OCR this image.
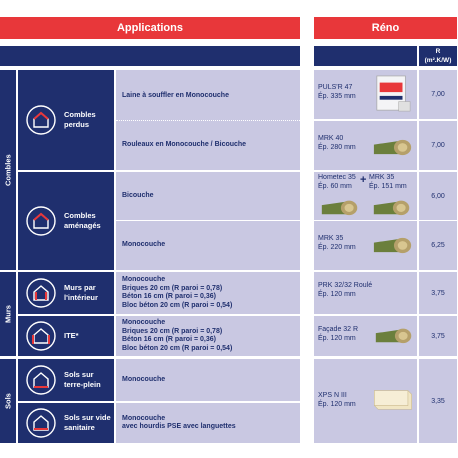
Applications	Réno
R
(m².K/W)
Combles
Murs
Sols
Combles
perdus
Combles
aménagés
Murs par
l'intérieur
ITE*
Sols sur
terre-plein
Sols sur vide
sanitaire
Laine à souffler en Monocouche
Rouleaux en Monocouche / Bicouche
Bicouche
Monocouche
Monocouche
Briques 20 cm (R paroi = 0,78)
Béton 16 cm (R paroi = 0,36)
Bloc béton 20 cm (R paroi = 0,54)
Monocouche
Briques 20 cm (R paroi = 0,78)
Béton 16 cm (R paroi = 0,36)
Bloc béton 20 cm (R paroi = 0,54)
Monocouche
Monocouche
avec hourdis PSE avec languettes
PULS'R 47
Ép. 335 mm
MRK 40
Ép. 280 mm
Hometec 35
Ép. 60 mm + MRK 35
Ép. 151 mm
MRK 35
Ép. 220 mm
PRK 32/32 Roulé
Ép. 120 mm
Façade 32 R
Ép. 120 mm
XPS N III
Ép. 120 mm
7,00
7,00
6,00
6,25
3,75
3,75
3,35
